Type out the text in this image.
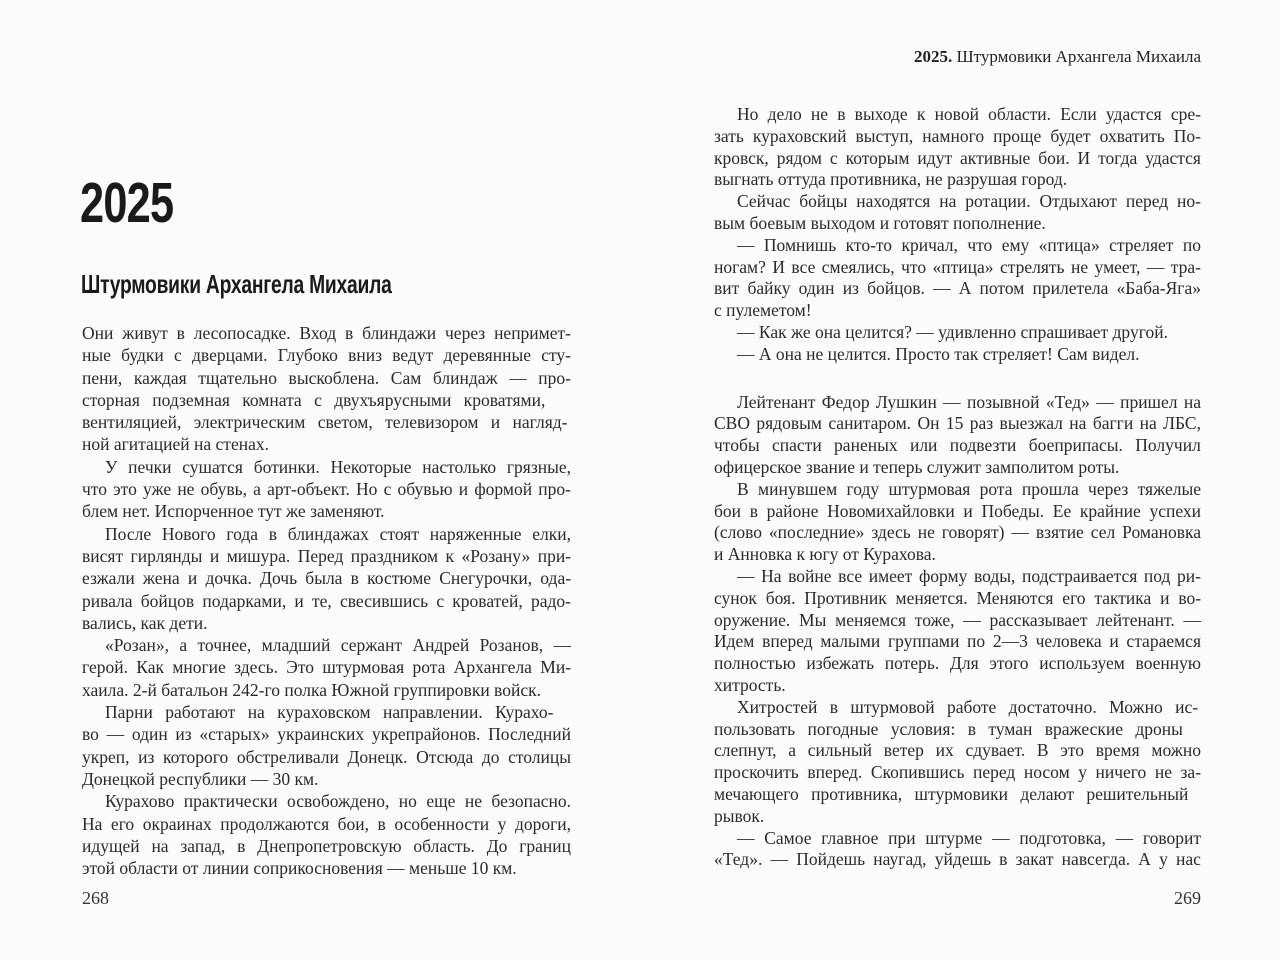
2025
Штурмовики Архангела Михаила
Они живут в лесопосадке. Вход в блиндажи через непримет-
ные будки с дверцами. Глубоко вниз ведут деревянные сту-
пени, каждая тщательно выскоблена. Сам блиндаж — про-
сторная подземная комната с двухъярусными кроватями,
вентиляцией, электрическим светом, телевизором и нагляд-
ной агитацией на стенах.
У печки сушатся ботинки. Некоторые настолько грязные,
что это уже не обувь, а арт-объект. Но с обувью и формой про-
блем нет. Испорченное тут же заменяют.
После Нового года в блиндажах стоят наряженные елки,
висят гирлянды и мишура. Перед праздником к «Розану» при-
езжали жена и дочка. Дочь была в костюме Снегурочки, ода-
ривала бойцов подарками, и те, свесившись с кроватей, радо-
вались, как дети.
«Розан», а точнее, младший сержант Андрей Розанов, —
герой. Как многие здесь. Это штурмовая рота Архангела Ми-
хаила. 2-й батальон 242-го полка Южной группировки войск.
Парни работают на кураховском направлении. Курахо-
во — один из «старых» украинских укрепрайонов. Последний
укреп, из которого обстреливали Донецк. Отсюда до столицы
Донецкой республики — 30 км.
Курахово практически освобождено, но еще не безопасно.
На его окраинах продолжаются бои, в особенности у дороги,
идущей на запад, в Днепропетровскую область. До границ
этой области от линии соприкосновения — меньше 10 км.
268
2025. Штурмовики Архангела Михаила
Но дело не в выходе к новой области. Если удастся сре-
зать кураховский выступ, намного проще будет охватить По-
кровск, рядом с которым идут активные бои. И тогда удастся
выгнать оттуда противника, не разрушая город.
Сейчас бойцы находятся на ротации. Отдыхают перед но-
вым боевым выходом и готовят пополнение.
— Помнишь кто-то кричал, что ему «птица» стреляет по
ногам? И все смеялись, что «птица» стрелять не умеет, — тра-
вит байку один из бойцов. — А потом прилетела «Баба-Яга»
с пулеметом!
— Как же она целится? — удивленно спрашивает другой.
— А она не целится. Просто так стреляет! Сам видел.
Лейтенант Федор Лушкин — позывной «Тед» — пришел на
СВО рядовым санитаром. Он 15 раз выезжал на багги на ЛБС,
чтобы спасти раненых или подвезти боеприпасы. Получил
офицерское звание и теперь служит замполитом роты.
В минувшем году штурмовая рота прошла через тяжелые
бои в районе Новомихайловки и Победы. Ее крайние успехи
(слово «последние» здесь не говорят) — взятие сел Романовка
и Анновка к югу от Курахова.
— На войне все имеет форму воды, подстраивается под ри-
сунок боя. Противник меняется. Меняются его тактика и во-
оружение. Мы меняемся тоже, — рассказывает лейтенант. —
Идем вперед малыми группами по 2—3 человека и стараемся
полностью избежать потерь. Для этого используем военную
хитрость.
Хитростей в штурмовой работе достаточно. Можно ис-
пользовать погодные условия: в туман вражеские дроны
слепнут, а сильный ветер их сдувает. В это время можно
проскочить вперед. Скопившись перед носом у ничего не за-
мечающего противника, штурмовики делают решительный
рывок.
— Самое главное при штурме — подготовка, — говорит
«Тед». — Пойдешь наугад, уйдешь в закат навсегда. А у нас
269
